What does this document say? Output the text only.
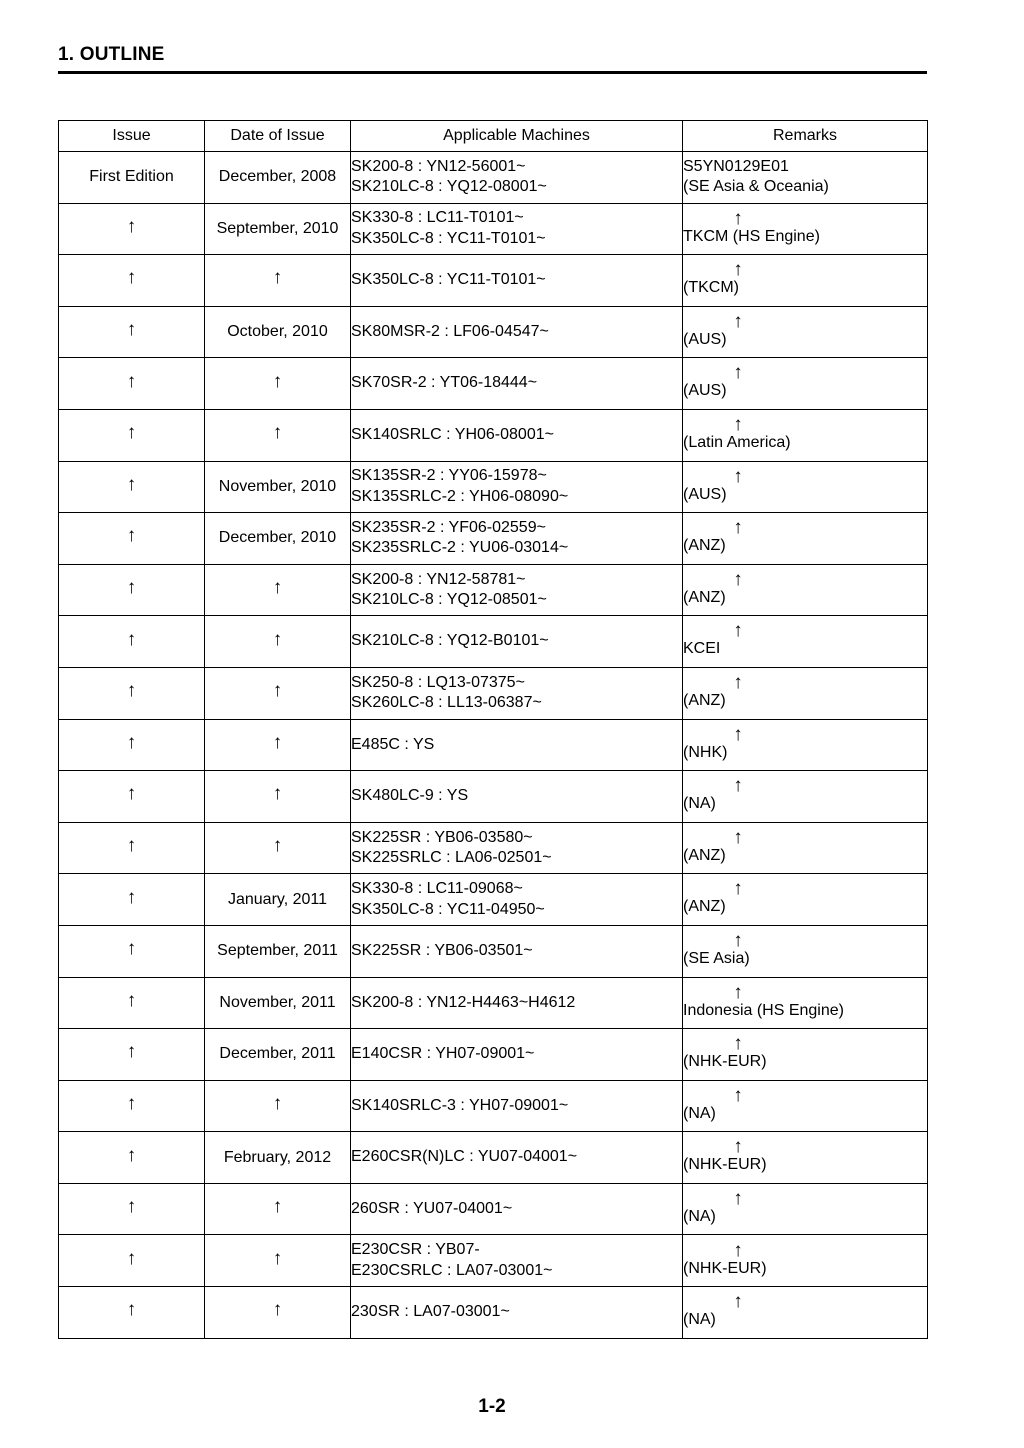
1. OUTLINE
Issue	Date of Issue	Applicable Machines	Remarks
First Edition	December, 2008	SK200-8 : YN12-56001~
SK210LC-8 : YQ12-08001~	S5YN0129E01
(SE Asia & Oceania)

↑	September, 2010	SK330-8 : LC11-T0101~
SK350LC-8 : YC11-T0101~	↑
TKCM (HS Engine)

↑	↑	SK350LC-8 : YC11-T0101~	↑
(TKCM)

↑	October, 2010	SK80MSR-2 : LF06-04547~	↑
(AUS)

↑	↑	SK70SR-2 : YT06-18444~	↑
(AUS)

↑	↑	SK140SRLC : YH06-08001~	↑
(Latin America)

↑	November, 2010	SK135SR-2 : YY06-15978~
SK135SRLC-2 : YH06-08090~	↑
(AUS)

↑	December, 2010	SK235SR-2 : YF06-02559~
SK235SRLC-2 : YU06-03014~	↑
(ANZ)

↑	↑	SK200-8 : YN12-58781~
SK210LC-8 : YQ12-08501~	↑
(ANZ)

↑	↑	SK210LC-8 : YQ12-B0101~	↑
KCEI

↑	↑	SK250-8 : LQ13-07375~
SK260LC-8 : LL13-06387~	↑
(ANZ)

↑	↑	E485C : YS	↑
(NHK)

↑	↑	SK480LC-9 : YS	↑
(NA)

↑	↑	SK225SR : YB06-03580~
SK225SRLC : LA06-02501~	↑
(ANZ)

↑	January, 2011	SK330-8 : LC11-09068~
SK350LC-8 : YC11-04950~	↑
(ANZ)

↑	September, 2011	SK225SR : YB06-03501~	↑
(SE Asia)

↑	November, 2011	SK200-8 : YN12-H4463~H4612	↑
Indonesia (HS Engine)

↑	December, 2011	E140CSR : YH07-09001~	↑
(NHK-EUR)

↑	↑	SK140SRLC-3 : YH07-09001~	↑
(NA)

↑	February, 2012	E260CSR(N)LC : YU07-04001~	↑
(NHK-EUR)

↑	↑	260SR : YU07-04001~	↑
(NA)

↑	↑	E230CSR : YB07-
E230CSRLC : LA07-03001~	↑
(NHK-EUR)

↑	↑	230SR : LA07-03001~	↑
(NA)
1-2
